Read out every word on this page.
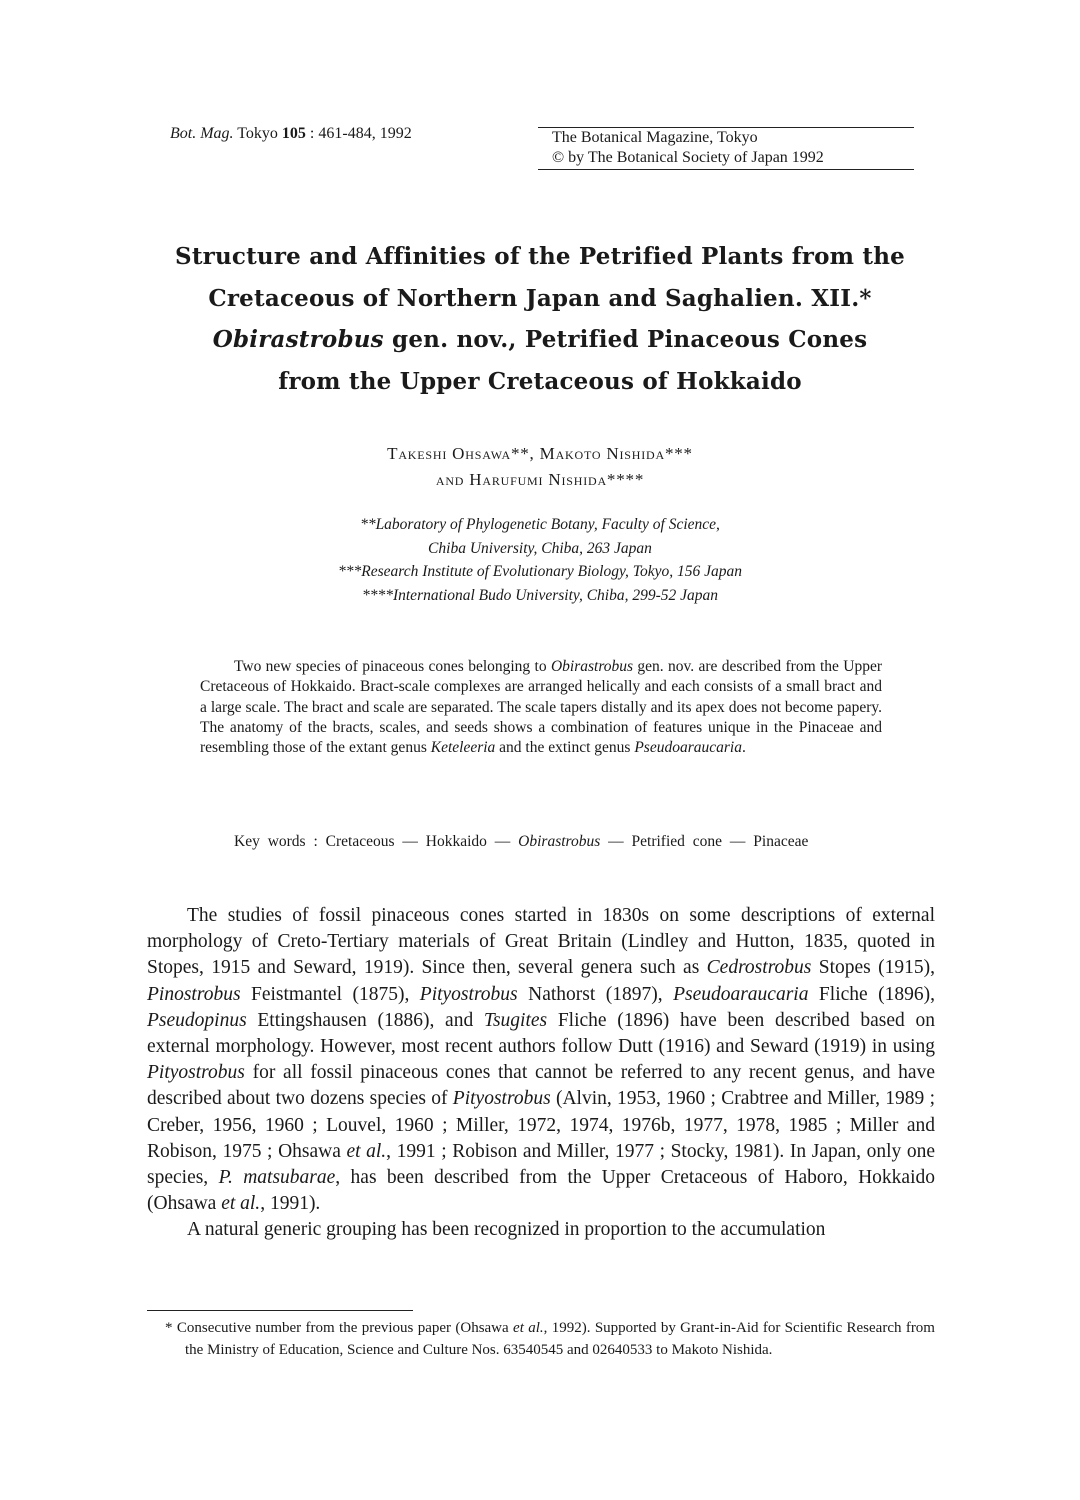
Bot. Mag. Tokyo 105 : 461-484, 1992	The Botanical Magazine, Tokyo
© by The Botanical Society of Japan 1992
Structure and Affinities of the Petrified Plants from the
Cretaceous of Northern Japan and Saghalien. XII.*
Obirastrobus gen. nov., Petrified Pinaceous Cones
from the Upper Cretaceous of Hokkaido
Takeshi Ohsawa**, Makoto Nishida***
and Harufumi Nishida****
**Laboratory of Phylogenetic Botany, Faculty of Science,
Chiba University, Chiba, 263 Japan
***Research Institute of Evolutionary Biology, Tokyo, 156 Japan
****International Budo University, Chiba, 299-52 Japan
Two new species of pinaceous cones belonging to Obirastrobus gen. nov. are described from the Upper Cretaceous of Hokkaido. Bract-scale complexes are arranged helically and each consists of a small bract and a large scale. The bract and scale are separated. The scale tapers distally and its apex does not become papery. The anatomy of the bracts, scales, and seeds shows a combination of features unique in the Pinaceae and resembling those of the extant genus Keteleeria and the extinct genus Pseudoaraucaria.
Key words : Cretaceous — Hokkaido — Obirastrobus — Petrified cone — Pinaceae

The studies of fossil pinaceous cones started in 1830s on some descriptions of external morphology of Creto-Tertiary materials of Great Britain (Lindley and Hutton, 1835, quoted in Stopes, 1915 and Seward, 1919). Since then, several genera such as Cedrostrobus Stopes (1915), Pinostrobus Feistmantel (1875), Pityostrobus Nathorst (1897), Pseudoaraucaria Fliche (1896), Pseudopinus Ettingshausen (1886), and Tsugites Fliche (1896) have been described based on external morphology. However, most recent authors follow Dutt (1916) and Seward (1919) in using Pityostrobus for all fossil pinaceous cones that cannot be referred to any recent genus, and have described about two dozens species of Pityostrobus (Alvin, 1953, 1960 ; Crabtree and Miller, 1989 ; Creber, 1956, 1960 ; Louvel, 1960 ; Miller, 1972, 1974, 1976b, 1977, 1978, 1985 ; Miller and Robison, 1975 ; Ohsawa et al., 1991 ; Robison and Miller, 1977 ; Stocky, 1981). In Japan, only one species, P. matsubarae, has been described from the Upper Cretaceous of Haboro, Hokkaido (Ohsawa et al., 1991).

A natural generic grouping has been recognized in proportion to the accumulation

* Consecutive number from the previous paper (Ohsawa et al., 1992). Supported by Grant-in-Aid for Scientific Research from the Ministry of Education, Science and Culture Nos. 63540545 and 02640533 to Makoto Nishida.
